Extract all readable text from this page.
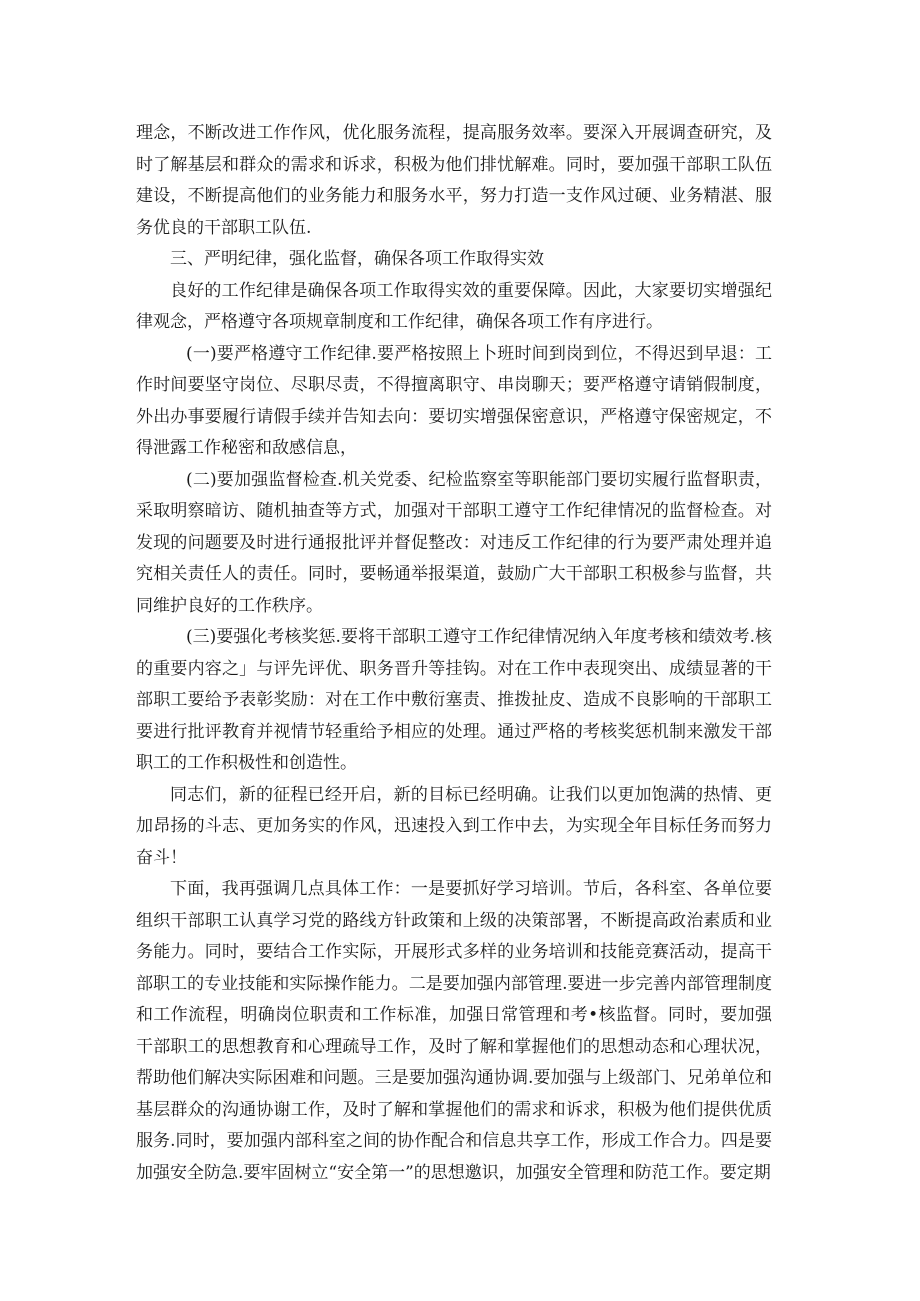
理念，不断改进工作作风，优化服务流程，提高服务效率。要深入开展调查研究，及时了解基层和群众的需求和诉求，积极为他们排忧解难。同时，要加强干部职工队伍建设，不断提高他们的业务能力和服务水平，努力打造一支作风过硬、业务精湛、服务优良的干部职工队伍.

三、严明纪律，强化监督，确保各项工作取得实效

良好的工作纪律是确保各项工作取得实效的重要保障。因此，大家要切实增强纪律观念，严格遵守各项规章制度和工作纪律，确保各项工作有序进行。

(一)要严格遵守工作纪律.要严格按照上卜班时间到岗到位，不得迟到早退：工作时间要坚守岗位、尽职尽责，不得擅离职守、串岗聊天；要严格遵守请销假制度，外出办事要履行请假手续并告知去向：要切实增强保密意识，严格遵守保密规定，不得泄露工作秘密和敌感信息，

(二)要加强监督检查.机关党委、纪检监察室等职能部门要切实履行监督职责，采取明察暗访、随机抽查等方式，加强对干部职工遵守工作纪律情况的监督检查。对发现的问题要及时进行通报批评并督促整改：对违反工作纪律的行为要严肃处理并追究相关责任人的责任。同时，要畅通举报渠道，鼓励广大干部职工积极参与监督，共同维护良好的工作秩序。

(三)要强化考核奖惩.要将干部职工遵守工作纪律情况纳入年度考核和绩效考.核的重要内容之」与评先评优、职务晋升等挂钩。对在工作中表现突出、成绩显著的干部职工要给予表彰奖励：对在工作中敷衍塞责、推拨扯皮、造成不良影响的干部职工要进行批评教育并视情节轻重给予相应的处理。通过严格的考核奖惩机制来激发干部职工的工作积极性和创造性。

同志们，新的征程已经开启，新的目标已经明确。让我们以更加饱满的热情、更加昂扬的斗志、更加务实的作风，迅速投入到工作中去，为实现全年目标任务而努力奋斗！

下面，我再强调几点具体工作：一是要抓好学习培训。节后，各科室、各单位要组织干部职工认真学习党的路线方针政策和上级的决策部署，不断提高政治素质和业务能力。同时，要结合工作实际，开展形式多样的业务培训和技能竞赛活动，提高干部职工的专业技能和实际操作能力。二是要加强内部管理.要进一步完善内部管理制度和工作流程，明确岗位职责和工作标准，加强日常管理和考•核监督。同时，要加强干部职工的思想教育和心理疏导工作，及时了解和掌握他们的思想动态和心理状况，帮助他们解决实际困难和问题。三是要加强沟通协调.要加强与上级部门、兄弟单位和基层群众的沟通协谢工作，及时了解和掌握他们的需求和诉求，积极为他们提供优质服务.同时，要加强内部科室之间的协作配合和信息共享工作，形成工作合力。四是要加强安全防急.要牢固树立“安全第一”的思想邀识，加强安全管理和防范工作。要定期
